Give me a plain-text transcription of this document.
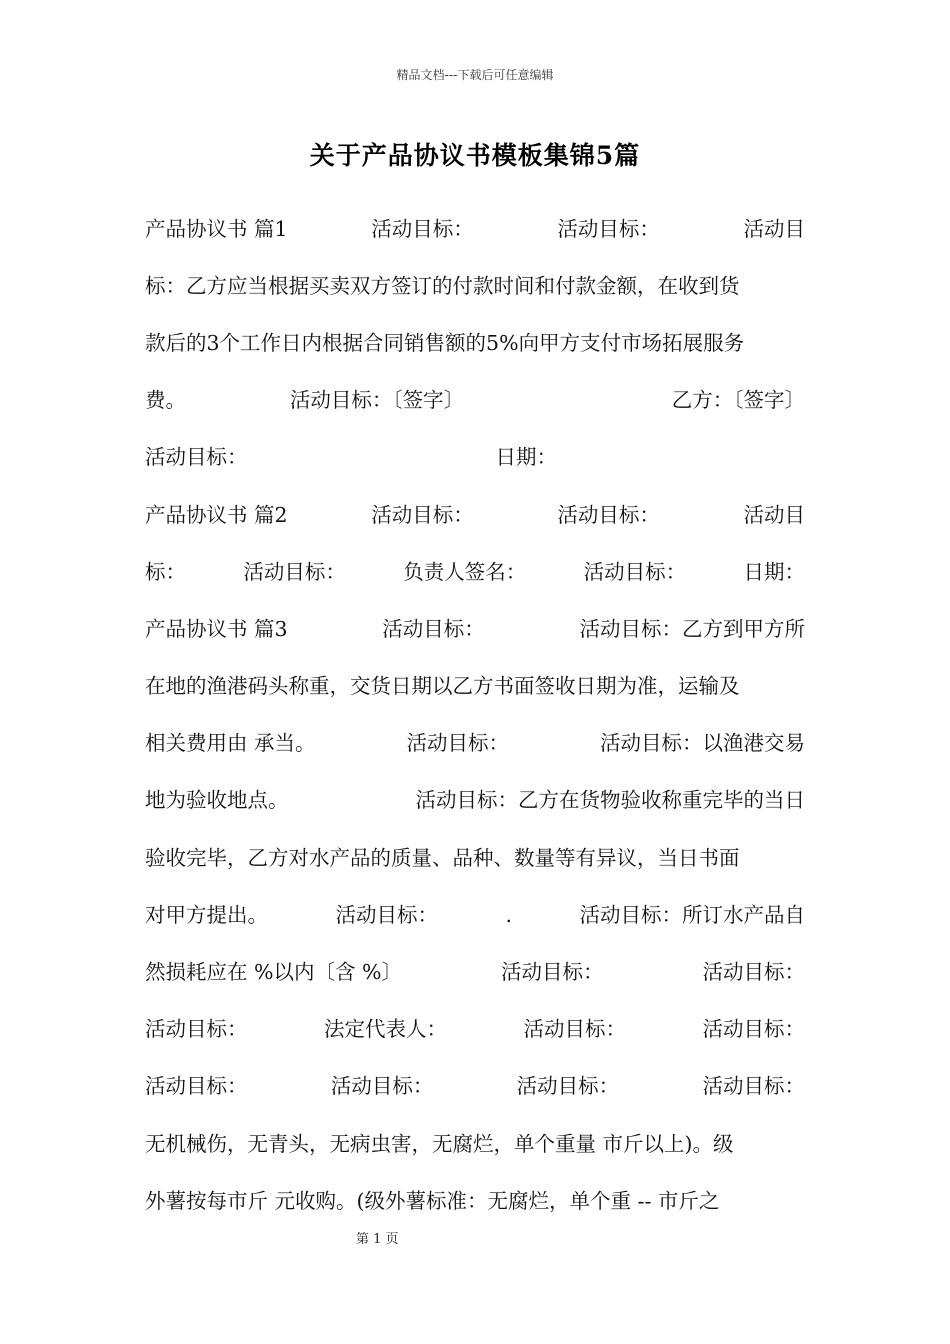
精品文档---下载后可任意编辑
关于产品协议书模板集锦5篇
产品协议书 篇1	活动目标：	活动目标：	活动目
标：乙方应当根据买卖双方签订的付款时间和付款金额，在收到货
款后的3个工作日内根据合同销售额的5%向甲方支付市场拓展服务
费。	活动目标：〔签字〕	乙方：〔签字〕
活动目标：	日期：
产品协议书 篇2	活动目标：	活动目标：	活动目
标：	活动目标：	负责人签名：	活动目标：	日期：
产品协议书 篇3	活动目标：	活动目标：乙方到甲方所
在地的渔港码头称重，交货日期以乙方书面签收日期为准，运输及
相关费用由 承当。	活动目标：	活动目标：以渔港交易
地为验收地点。	活动目标：乙方在货物验收称重完毕的当日
验收完毕，乙方对水产品的质量、品种、数量等有异议，当日书面
对甲方提出。	活动目标：	.	活动目标：所订水产品自
然损耗应在 %以内〔含 %〕	活动目标：	活动目标：
活动目标：	法定代表人：	活动目标：	活动目标：
活动目标：	活动目标：	活动目标：	活动目标：
无机械伤，无青头，无病虫害，无腐烂，单个重量 市斤以上)。级
外薯按每市斤 元收购。(级外薯标准：无腐烂，单个重 -- 市斤之
第 1 页
